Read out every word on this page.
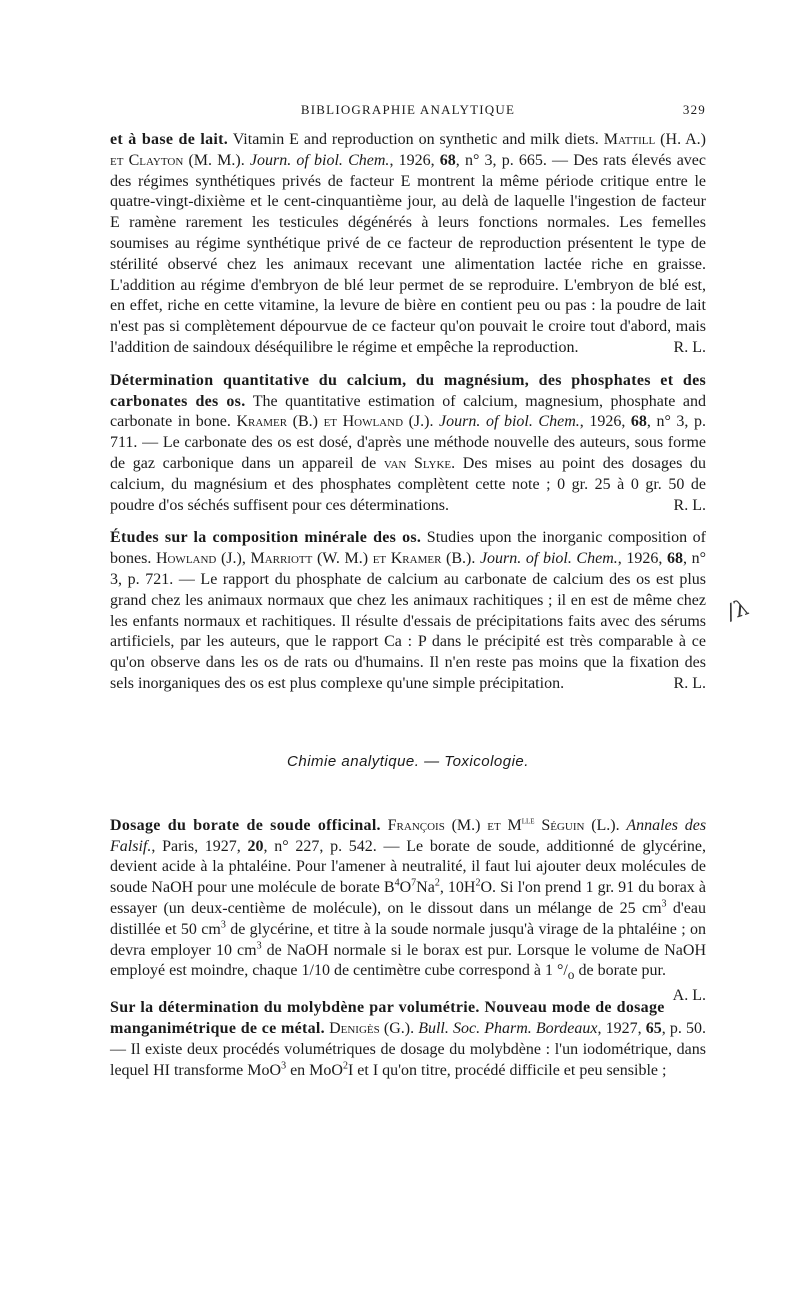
BIBLIOGRAPHIE ANALYTIQUE	329

et à base de lait. Vitamin E and reproduction on synthetic and milk diets. Mattill (H. A.) et Clayton (M. M.). Journ. of biol. Chem., 1926, 68, n° 3, p. 665. — Des rats élevés avec des régimes synthétiques privés de facteur E montrent la même période critique entre le quatre-vingt-dixième et le cent-cinquantième jour, au delà de laquelle l'ingestion de facteur E ramène rarement les testicules dégénérés à leurs fonctions normales. Les femelles soumises au régime synthétique privé de ce facteur de reproduction présentent le type de stérilité observé chez les animaux recevant une alimentation lactée riche en graisse. L'addition au régime d'embryon de blé leur permet de se reproduire. L'embryon de blé est, en effet, riche en cette vitamine, la levure de bière en contient peu ou pas : la poudre de lait n'est pas si complètement dépourvue de ce facteur qu'on pouvait le croire tout d'abord, mais l'addition de saindoux déséquilibre le régime et empêche la reproduction.	R. L.

Détermination quantitative du calcium, du magnésium, des phosphates et des carbonates des os. The quantitative estimation of calcium, magnesium, phosphate and carbonate in bone. Kramer (B.) et Howland (J.). Journ. of biol. Chem., 1926, 68, n° 3, p. 711. — Le carbonate des os est dosé, d'après une méthode nouvelle des auteurs, sous forme de gaz carbonique dans un appareil de van Slyke. Des mises au point des dosages du calcium, du magnésium et des phosphates complètent cette note ; 0 gr. 25 à 0 gr. 50 de poudre d'os séchés suffisent pour ces déterminations.	R. L.

Études sur la composition minérale des os. Studies upon the inorganic composition of bones. Howland (J.), Marriott (W. M.) et Kramer (B.). Journ. of biol. Chem., 1926, 68, n° 3, p. 721. — Le rapport du phosphate de calcium au carbonate de calcium des os est plus grand chez les animaux normaux que chez les animaux rachitiques ; il en est de même chez les enfants normaux et rachitiques. Il résulte d'essais de précipitations faits avec des sérums artificiels, par les auteurs, que le rapport Ca : P dans le précipité est très comparable à ce qu'on observe dans les os de rats ou d'humains. Il n'en reste pas moins que la fixation des sels inorganiques des os est plus complexe qu'une simple précipitation.	R. L.

Chimie analytique. — Toxicologie.

Dosage du borate de soude officinal. François (M.) et $M^{lle}$ Séguin (L.). Annales des Falsif., Paris, 1927, 20, n° 227, p. 542. — Le borate de soude, additionné de glycérine, devient acide à la phtaléine. Pour l'amener à neutralité, il faut lui ajouter deux molécules de soude NaOH pour une molécule de borate $B^4O^7Na^2$, $10H^2O$. Si l'on prend 1 gr. 91 du borax à essayer (un deux-centième de molécule), on le dissout dans un mélange de 25 $cm^3$ d'eau distillée et 50 $cm^3$ de glycérine, et titre à la soude normale jusqu'à virage de la phtaléine ; on devra employer 10 $cm^3$ de NaOH normale si le borax est pur. Lorsque le volume de NaOH employé est moindre, chaque 1/10 de centimètre cube correspond à 1 $^\circ/_o$ de borate pur.
A. L.

Sur la détermination du molybdène par volumétrie. Nouveau mode de dosage manganimétrique de ce métal. Denigès (G.). Bull. Soc. Pharm. Bordeaux, 1927, 65, p. 50. — Il existe deux procédés volumétriques de dosage du molybdène : l'un iodométrique, dans lequel HI transforme MoO$^3$ en MoO$^2$I et I qu'on titre, procédé difficile et peu sensible ;

/λ
